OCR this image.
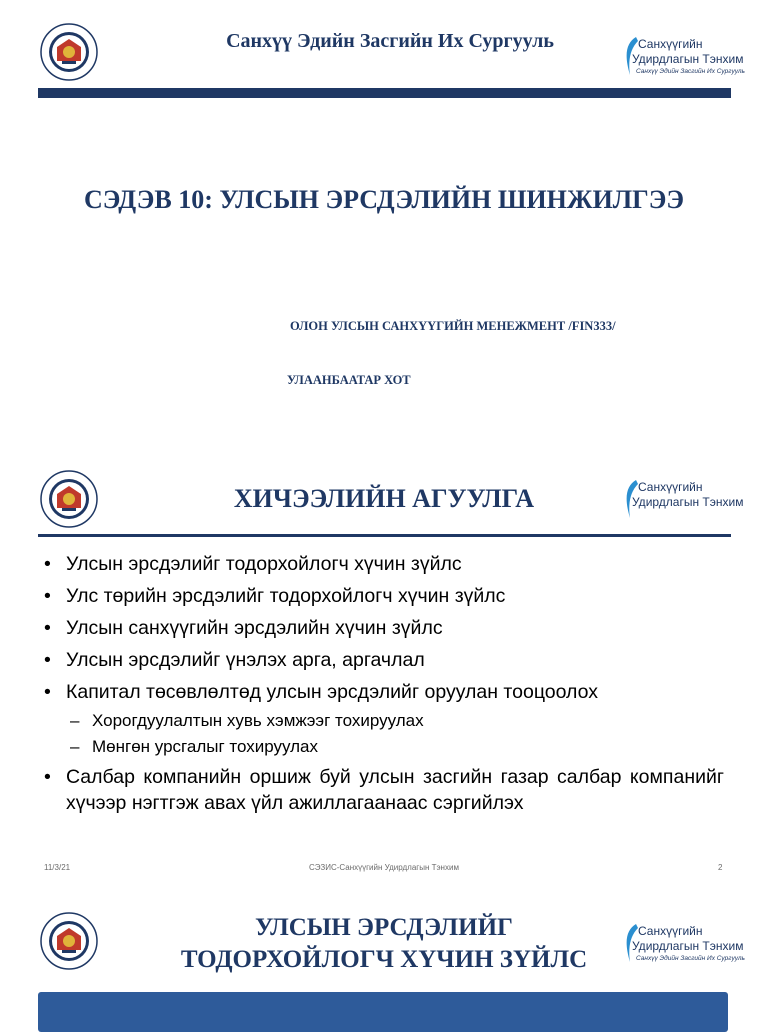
Санхүү Эдийн Засгийн Их Сургууль	Санхүүгийн
Удирдлагын Тэнхим
Санхүү Эдийн Засгийн Их Сургууль
СЭДЭВ 10: УЛСЫН ЭРСДЭЛИЙН ШИНЖИЛГЭЭ
ОЛОН УЛСЫН САНХҮҮГИЙН МЕНЕЖМЕНТ /FIN333/
УЛААНБААТАР ХОТ
ХИЧЭЭЛИЙН АГУУЛГА	Санхүүгийн
Удирдлагын Тэнхим
• Улсын эрсдэлийг тодорхойлогч хүчин зүйлс
• Улс төрийн эрсдэлийг тодорхойлогч хүчин зүйлс
• Улсын санхүүгийн эрсдэлийн хүчин зүйлс
• Улсын эрсдэлийг үнэлэх арга, аргачлал
• Капитал төсөвлөлтөд улсын эрсдэлийг оруулан тооцоолох
– Хорогдуулалтын хувь хэмжээг тохируулах
– Мөнгөн урсгалыг тохируулах
• Салбар компанийн оршиж буй улсын засгийн газар салбар компанийг хүчээр нэгтгэж авах үйл ажиллагаанаас сэргийлэх
11/3/21	СЭЗИС-Санхүүгийн Удирдлагын Тэнхим	2
УЛСЫН ЭРСДЭЛИЙГ
ТОДОРХОЙЛОГЧ ХҮЧИН ЗҮЙЛС
Санхүүгийн
Удирдлагын Тэнхим
Санхүү Эдийн Засгийн Их Сургууль
